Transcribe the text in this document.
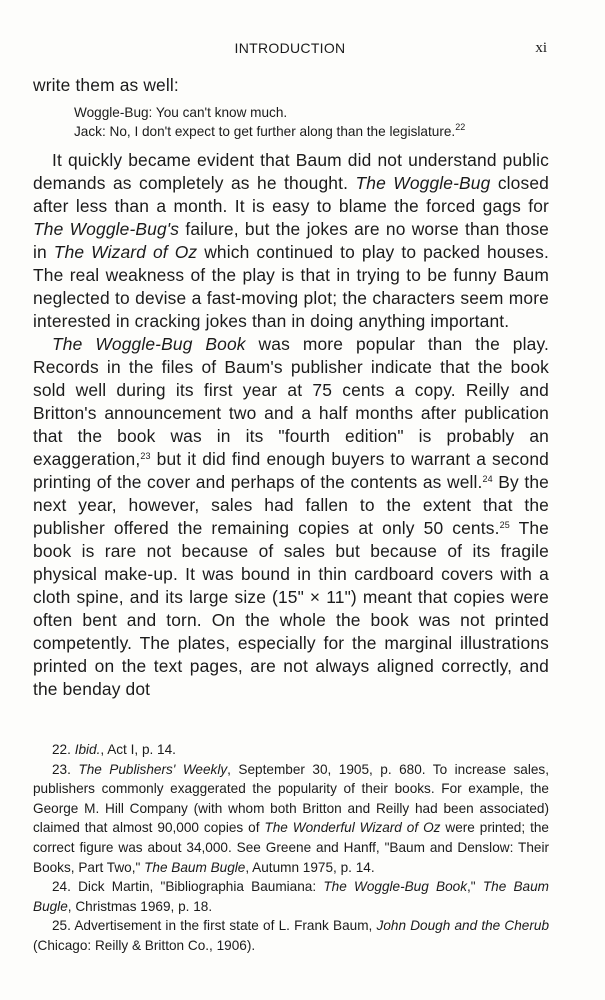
INTRODUCTION	xi

write them as well:

Woggle-Bug: You can't know much.

Jack: No, I don't expect to get further along than the legislature.$^{22}$

It quickly became evident that Baum did not understand public demands as completely as he thought. The Woggle-Bug closed after less than a month. It is easy to blame the forced gags for The Woggle-Bug's failure, but the jokes are no worse than those in The Wizard of Oz which continued to play to packed houses. The real weakness of the play is that in trying to be funny Baum neglected to devise a fast-moving plot; the characters seem more interested in cracking jokes than in doing anything important.

The Woggle-Bug Book was more popular than the play. Records in the files of Baum's publisher indicate that the book sold well during its first year at 75 cents a copy. Reilly and Britton's announcement two and a half months after publication that the book was in its "fourth edition" is probably an exaggeration,$^{23}$ but it did find enough buyers to warrant a second printing of the cover and perhaps of the contents as well.$^{24}$ By the next year, however, sales had fallen to the extent that the publisher offered the remaining copies at only 50 cents.$^{25}$ The book is rare not because of sales but because of its fragile physical make-up. It was bound in thin cardboard covers with a cloth spine, and its large size (15" × 11") meant that copies were often bent and torn. On the whole the book was not printed competently. The plates, especially for the marginal illustrations printed on the text pages, are not always aligned correctly, and the benday dot

22. Ibid., Act I, p. 14.

23. The Publishers' Weekly, September 30, 1905, p. 680. To increase sales, publishers commonly exaggerated the popularity of their books. For example, the George M. Hill Company (with whom both Britton and Reilly had been associated) claimed that almost 90,000 copies of The Wonderful Wizard of Oz were printed; the correct figure was about 34,000. See Greene and Hanff, "Baum and Denslow: Their Books, Part Two," The Baum Bugle, Autumn 1975, p. 14.

24. Dick Martin, "Bibliographia Baumiana: The Woggle-Bug Book," The Baum Bugle, Christmas 1969, p. 18.

25. Advertisement in the first state of L. Frank Baum, John Dough and the Cherub (Chicago: Reilly & Britton Co., 1906).
